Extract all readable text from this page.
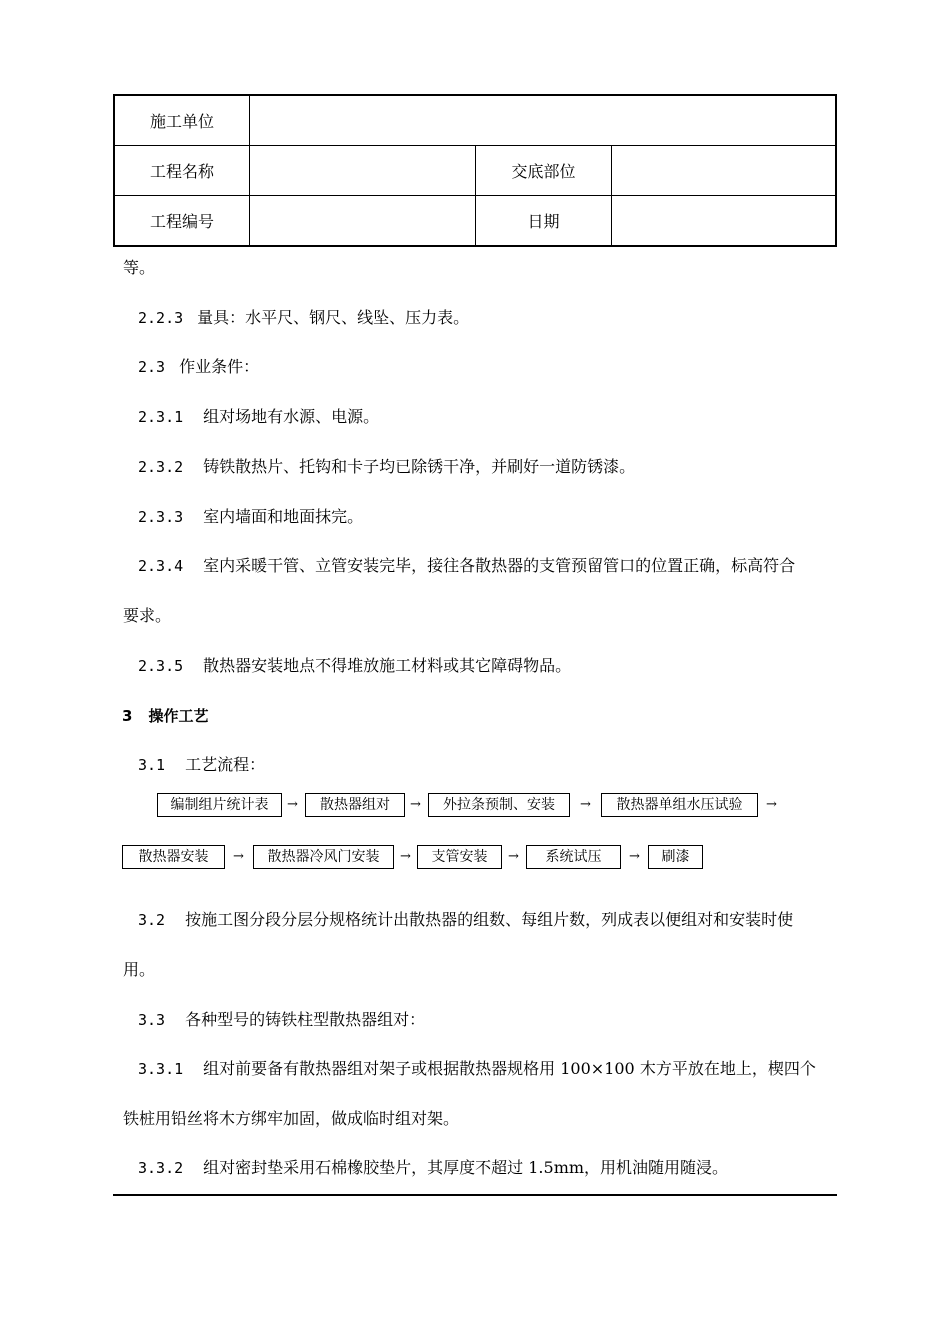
施工单位			
工程名称		交底部位	
工程编号		日期	
等。
2.2.3 量具：水平尺、钢尺、线坠、压力表。
2.3 作业条件：
2.3.1 组对场地有水源、电源。
2.3.2 铸铁散热片、托钩和卡子均已除锈干净，并刷好一道防锈漆。
2.3.3 室内墙面和地面抹完。
2.3.4 室内采暖干管、立管安装完毕，接往各散热器的支管预留管口的位置正确，标高符合
要求。
2.3.5 散热器安装地点不得堆放施工材料或其它障碍物品。
3 操作工艺
3.1 工艺流程：
编制组片统计表	→	散热器组对	→	外拉条预制、安装	→	散热器单组水压试验	→
散热器安装	→	散热器冷风门安装	→	支管安装	→	系统试压	→	刷漆
3.2 按施工图分段分层分规格统计出散热器的组数、每组片数，列成表以便组对和安装时使
用。
3.3 各种型号的铸铁柱型散热器组对：
3.3.1 组对前要备有散热器组对架子或根据散热器规格用 100×100 木方平放在地上，楔四个
铁桩用铅丝将木方绑牢加固，做成临时组对架。
3.3.2 组对密封垫采用石棉橡胶垫片，其厚度不超过 1.5mm，用机油随用随浸。
